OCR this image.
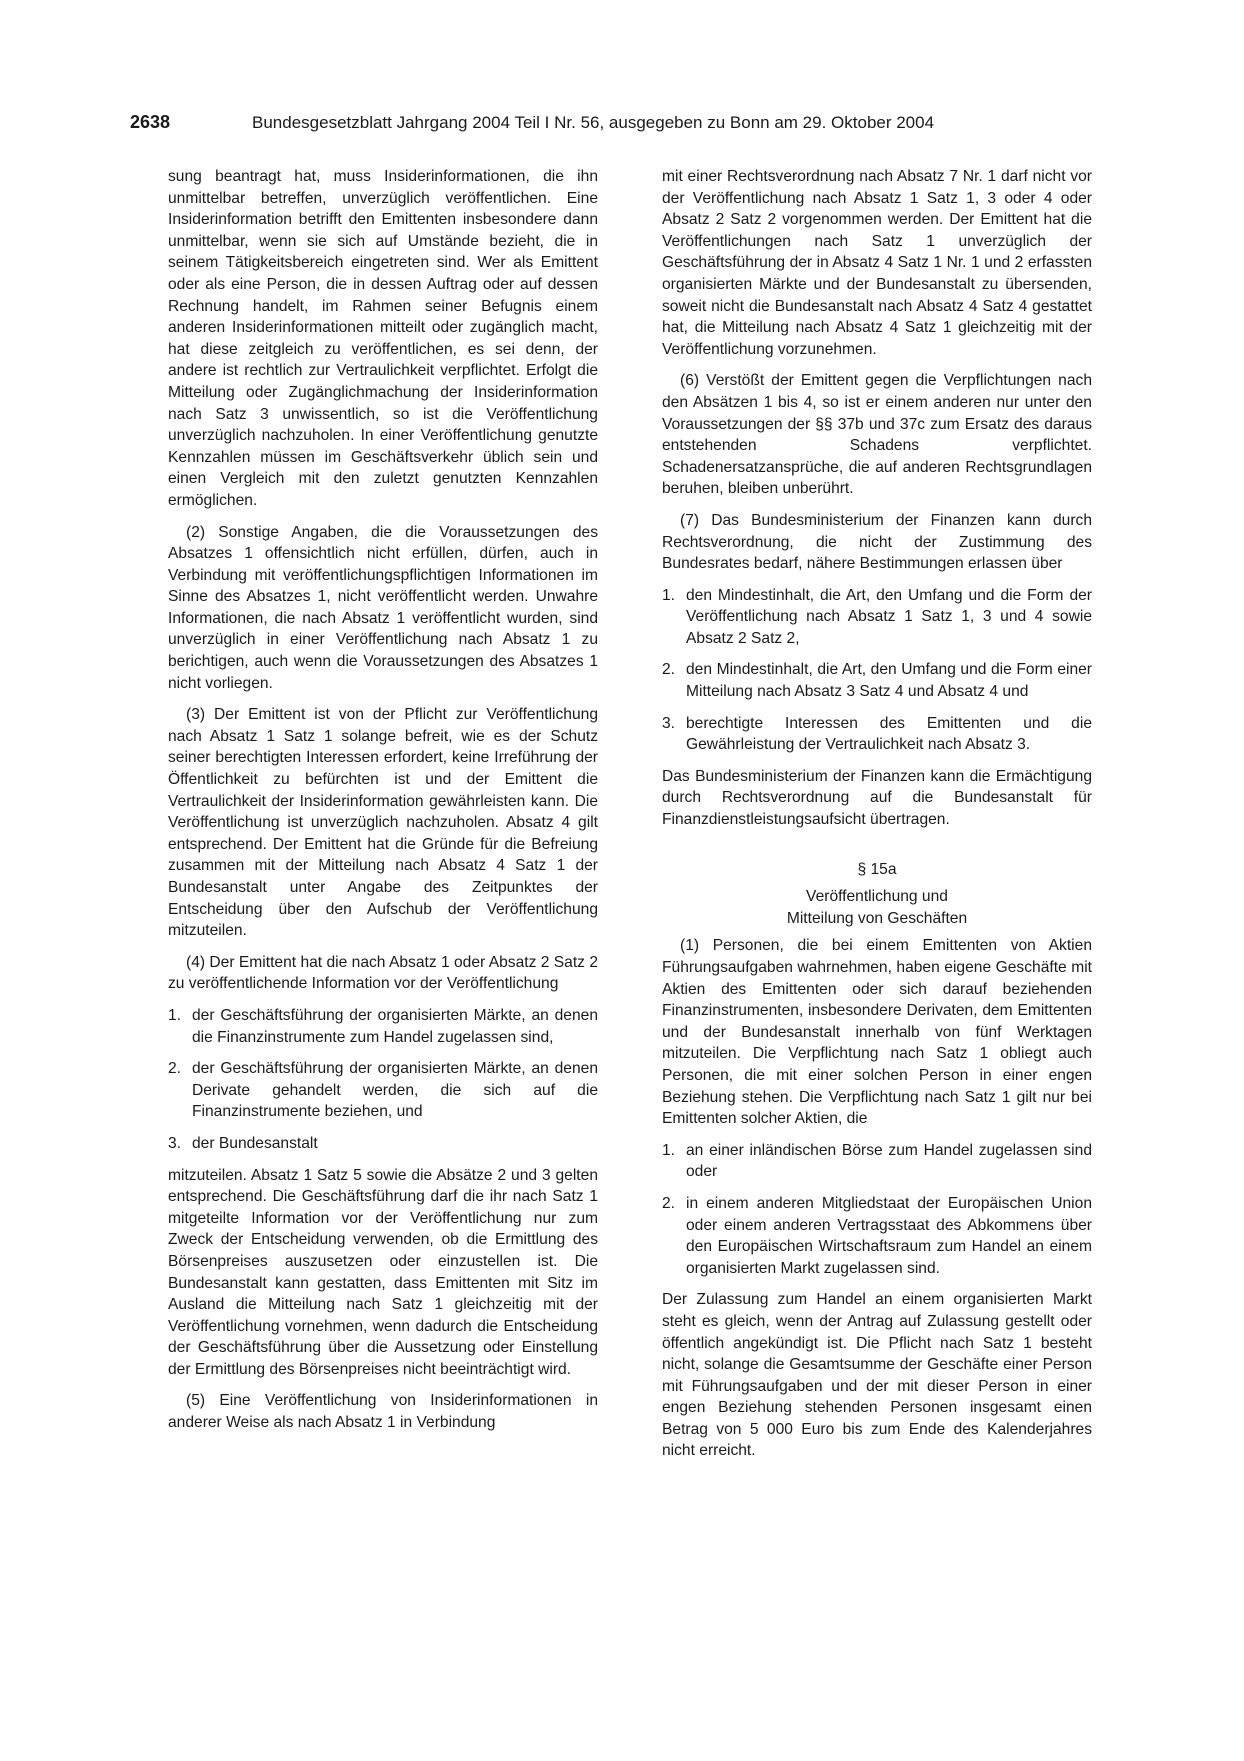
2638	Bundesgesetzblatt Jahrgang 2004 Teil I Nr. 56, ausgegeben zu Bonn am 29. Oktober 2004

sung beantragt hat, muss Insiderinformationen, die ihn unmittelbar betreffen, unverzüglich veröffentlichen. Eine Insiderinformation betrifft den Emittenten insbesondere dann unmittelbar, wenn sie sich auf Umstände bezieht, die in seinem Tätigkeitsbereich eingetreten sind. Wer als Emittent oder als eine Person, die in dessen Auftrag oder auf dessen Rechnung handelt, im Rahmen seiner Befugnis einem anderen Insiderinformationen mitteilt oder zugänglich macht, hat diese zeitgleich zu veröffentlichen, es sei denn, der andere ist rechtlich zur Vertraulichkeit verpflichtet. Erfolgt die Mitteilung oder Zugänglichmachung der Insiderinformation nach Satz 3 unwissentlich, so ist die Veröffentlichung unverzüglich nachzuholen. In einer Veröffentlichung genutzte Kennzahlen müssen im Geschäftsverkehr üblich sein und einen Vergleich mit den zuletzt genutzten Kennzahlen ermöglichen.

(2) Sonstige Angaben, die die Voraussetzungen des Absatzes 1 offensichtlich nicht erfüllen, dürfen, auch in Verbindung mit veröffentlichungspflichtigen Informationen im Sinne des Absatzes 1, nicht veröffentlicht werden. Unwahre Informationen, die nach Absatz 1 veröffentlicht wurden, sind unverzüglich in einer Veröffentlichung nach Absatz 1 zu berichtigen, auch wenn die Voraussetzungen des Absatzes 1 nicht vorliegen.

(3) Der Emittent ist von der Pflicht zur Veröffentlichung nach Absatz 1 Satz 1 solange befreit, wie es der Schutz seiner berechtigten Interessen erfordert, keine Irreführung der Öffentlichkeit zu befürchten ist und der Emittent die Vertraulichkeit der Insiderinformation gewährleisten kann. Die Veröffentlichung ist unverzüglich nachzuholen. Absatz 4 gilt entsprechend. Der Emittent hat die Gründe für die Befreiung zusammen mit der Mitteilung nach Absatz 4 Satz 1 der Bundesanstalt unter Angabe des Zeitpunktes der Entscheidung über den Aufschub der Veröffentlichung mitzuteilen.

(4) Der Emittent hat die nach Absatz 1 oder Absatz 2 Satz 2 zu veröffentlichende Information vor der Veröffentlichung

1. der Geschäftsführung der organisierten Märkte, an denen die Finanzinstrumente zum Handel zugelassen sind,
2. der Geschäftsführung der organisierten Märkte, an denen Derivate gehandelt werden, die sich auf die Finanzinstrumente beziehen, und
3. der Bundesanstalt

mitzuteilen. Absatz 1 Satz 5 sowie die Absätze 2 und 3 gelten entsprechend. Die Geschäftsführung darf die ihr nach Satz 1 mitgeteilte Information vor der Veröffentlichung nur zum Zweck der Entscheidung verwenden, ob die Ermittlung des Börsenpreises auszusetzen oder einzustellen ist. Die Bundesanstalt kann gestatten, dass Emittenten mit Sitz im Ausland die Mitteilung nach Satz 1 gleichzeitig mit der Veröffentlichung vornehmen, wenn dadurch die Entscheidung der Geschäftsführung über die Aussetzung oder Einstellung der Ermittlung des Börsenpreises nicht beeinträchtigt wird.

(5) Eine Veröffentlichung von Insiderinformationen in anderer Weise als nach Absatz 1 in Verbindung

mit einer Rechtsverordnung nach Absatz 7 Nr. 1 darf nicht vor der Veröffentlichung nach Absatz 1 Satz 1, 3 oder 4 oder Absatz 2 Satz 2 vorgenommen werden. Der Emittent hat die Veröffentlichungen nach Satz 1 unverzüglich der Geschäftsführung der in Absatz 4 Satz 1 Nr. 1 und 2 erfassten organisierten Märkte und der Bundesanstalt zu übersenden, soweit nicht die Bundesanstalt nach Absatz 4 Satz 4 gestattet hat, die Mitteilung nach Absatz 4 Satz 1 gleichzeitig mit der Veröffentlichung vorzunehmen.

(6) Verstößt der Emittent gegen die Verpflichtungen nach den Absätzen 1 bis 4, so ist er einem anderen nur unter den Voraussetzungen der §§ 37b und 37c zum Ersatz des daraus entstehenden Schadens verpflichtet. Schadenersatzansprüche, die auf anderen Rechtsgrundlagen beruhen, bleiben unberührt.

(7) Das Bundesministerium der Finanzen kann durch Rechtsverordnung, die nicht der Zustimmung des Bundesrates bedarf, nähere Bestimmungen erlassen über

1. den Mindestinhalt, die Art, den Umfang und die Form der Veröffentlichung nach Absatz 1 Satz 1, 3 und 4 sowie Absatz 2 Satz 2,
2. den Mindestinhalt, die Art, den Umfang und die Form einer Mitteilung nach Absatz 3 Satz 4 und Absatz 4 und
3. berechtigte Interessen des Emittenten und die Gewährleistung der Vertraulichkeit nach Absatz 3.

Das Bundesministerium der Finanzen kann die Ermächtigung durch Rechtsverordnung auf die Bundesanstalt für Finanzdienstleistungsaufsicht übertragen.

§ 15a
Veröffentlichung und
Mitteilung von Geschäften

(1) Personen, die bei einem Emittenten von Aktien Führungsaufgaben wahrnehmen, haben eigene Geschäfte mit Aktien des Emittenten oder sich darauf beziehenden Finanzinstrumenten, insbesondere Derivaten, dem Emittenten und der Bundesanstalt innerhalb von fünf Werktagen mitzuteilen. Die Verpflichtung nach Satz 1 obliegt auch Personen, die mit einer solchen Person in einer engen Beziehung stehen. Die Verpflichtung nach Satz 1 gilt nur bei Emittenten solcher Aktien, die

1. an einer inländischen Börse zum Handel zugelassen sind oder
2. in einem anderen Mitgliedstaat der Europäischen Union oder einem anderen Vertragsstaat des Abkommens über den Europäischen Wirtschaftsraum zum Handel an einem organisierten Markt zugelassen sind.

Der Zulassung zum Handel an einem organisierten Markt steht es gleich, wenn der Antrag auf Zulassung gestellt oder öffentlich angekündigt ist. Die Pflicht nach Satz 1 besteht nicht, solange die Gesamtsumme der Geschäfte einer Person mit Führungsaufgaben und der mit dieser Person in einer engen Beziehung stehenden Personen insgesamt einen Betrag von 5 000 Euro bis zum Ende des Kalenderjahres nicht erreicht.
